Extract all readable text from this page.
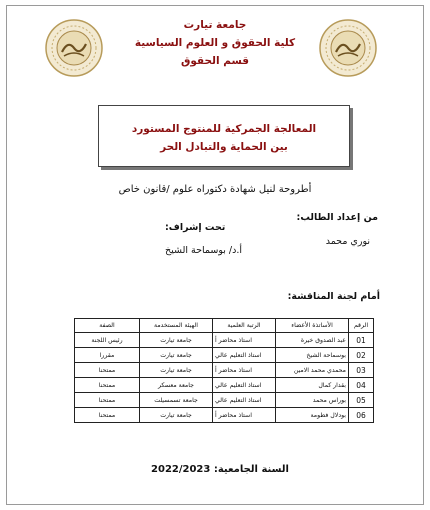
جامعة تيارت
كلية الحقوق و العلوم السياسية
قسم الحقوق
المعالجة الجمركية للمنتوج المستورد
بين الحماية والتبادل الحر
أطروحة لنيل شهادة دكتوراه علوم /قانون خاص
من إعداد الطالب:
نوري محمد
تحت إشراف:
أ.د/ بوسماحة الشيخ
أمام لجنة المناقشة:
الرقم	الأساتذة الأعضاء	الرتبة العلمية	الهيئة المستخدمة	الصفة
01	عبد الصدوق خيرة	استاذ محاضر أ	جامعة تيارت	رئيس اللجنة
02	بوسماحة الشيخ	استاذ التعليم عالي	جامعة تيارت	مقررا
03	محمدي محمد الامين	استاذ محاضر أ	جامعة تيارت	ممتحنا
04	بقدار كمال	استاذ التعليم عالي	جامعة معسكر	ممتحنا
05	بوراس محمد	استاذ التعليم عالي	جامعة تسمسيلت	ممتحنا
06	بودلال فطومة	استاذ محاضر أ	جامعة تيارت	ممتحنا
السنة الجامعية: 2022/2023
